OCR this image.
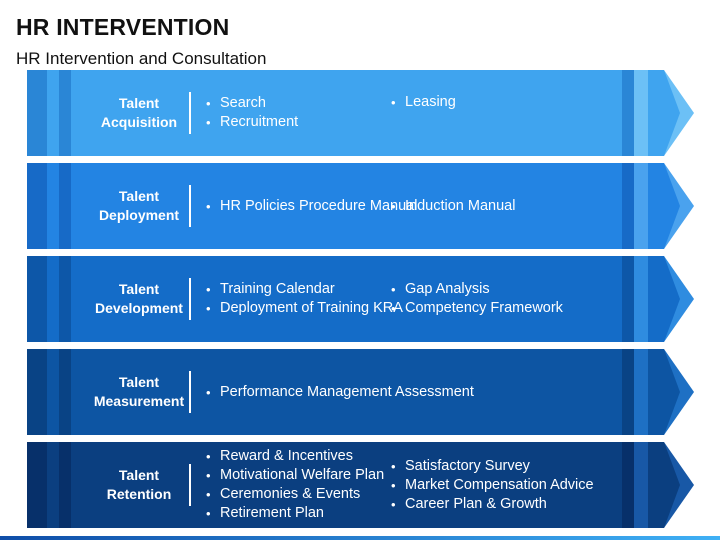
HR INTERVENTION
HR Intervention and Consultation
Talent
Acquisition
• Search
• Recruitment
• Leasing
Talent
Deployment
• HR Policies Procedure Manual
• Induction Manual
Talent
Development
• Training Calendar
• Deployment of Training KRA
• Gap Analysis
• Competency Framework
Talent
Measurement
• Performance Management Assessment
Talent
Retention
• Reward & Incentives
• Motivational Welfare Plan
• Ceremonies & Events
• Retirement Plan
• Satisfactory Survey
• Market Compensation Advice
• Career Plan & Growth
